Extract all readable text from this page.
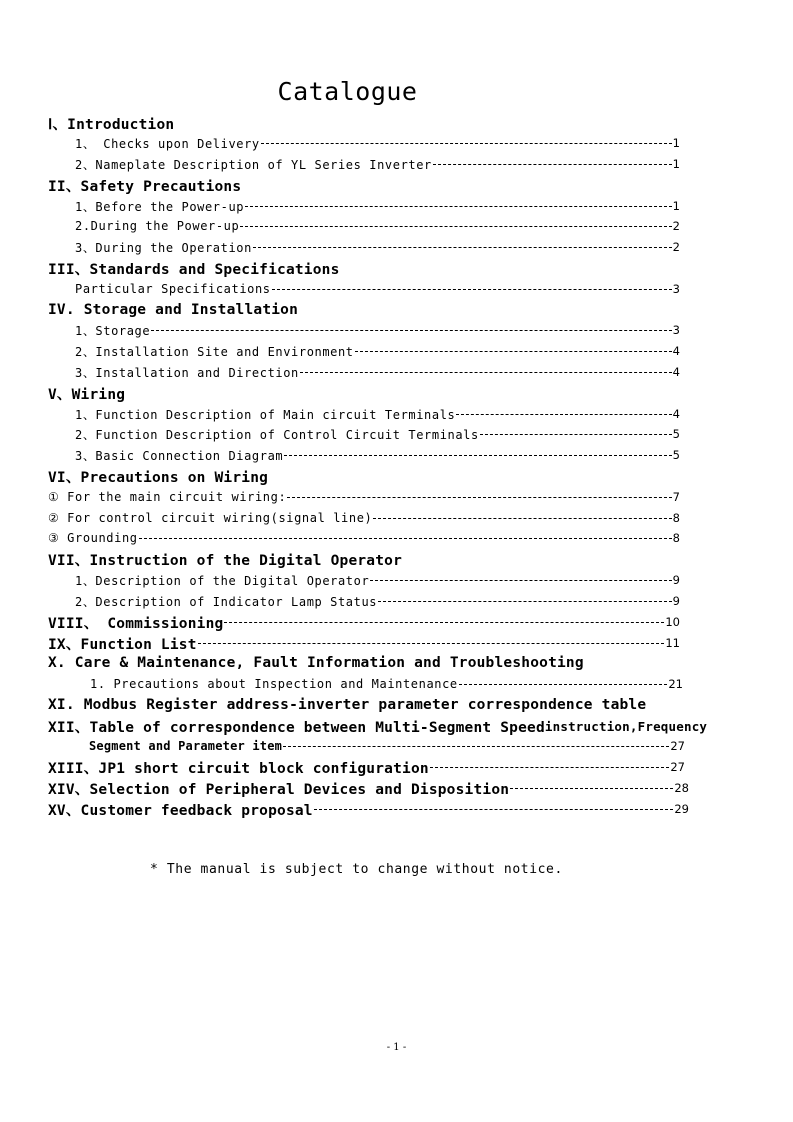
Catalogue
Ⅰ、Introduction
1、 Checks upon Delivery	1
2、Nameplate Description of YL Series Inverter	1
II、Safety Precautions
1、Before the Power-up	1
2.During the Power-up	2
3、During the Operation	2
III、Standards and Specifications
Particular Specifications	3
IV. Storage and Installation
1、Storage	3
2、Installation Site and Environment	4
3、Installation and Direction	4
V、Wiring
1、Function Description of Main circuit Terminals	4
2、Function Description of Control Circuit Terminals	5
3、Basic Connection Diagram	5
VI、Precautions on Wiring
① For the main circuit wiring:	7
② For control circuit wiring(signal line)	8
③ Grounding	8
VII、Instruction of the Digital Operator
1、Description of the Digital Operator	9
2、Description of Indicator Lamp Status	9
VIII、 Commissioning	10
IX、Function List	11
X. Care & Maintenance, Fault Information and Troubleshooting
1. Precautions about Inspection and Maintenance	21
XI. Modbus Register address-inverter parameter correspondence table
XII、Table of correspondence between Multi-Segment Speed instruction,Frequency
Segment and Parameter item	27
XIII、JP1 short circuit block configuration	27
XIV、Selection of Peripheral Devices and Disposition	28
XV、Customer feedback proposal	29
* The manual is subject to change without notice.
- 1 -
